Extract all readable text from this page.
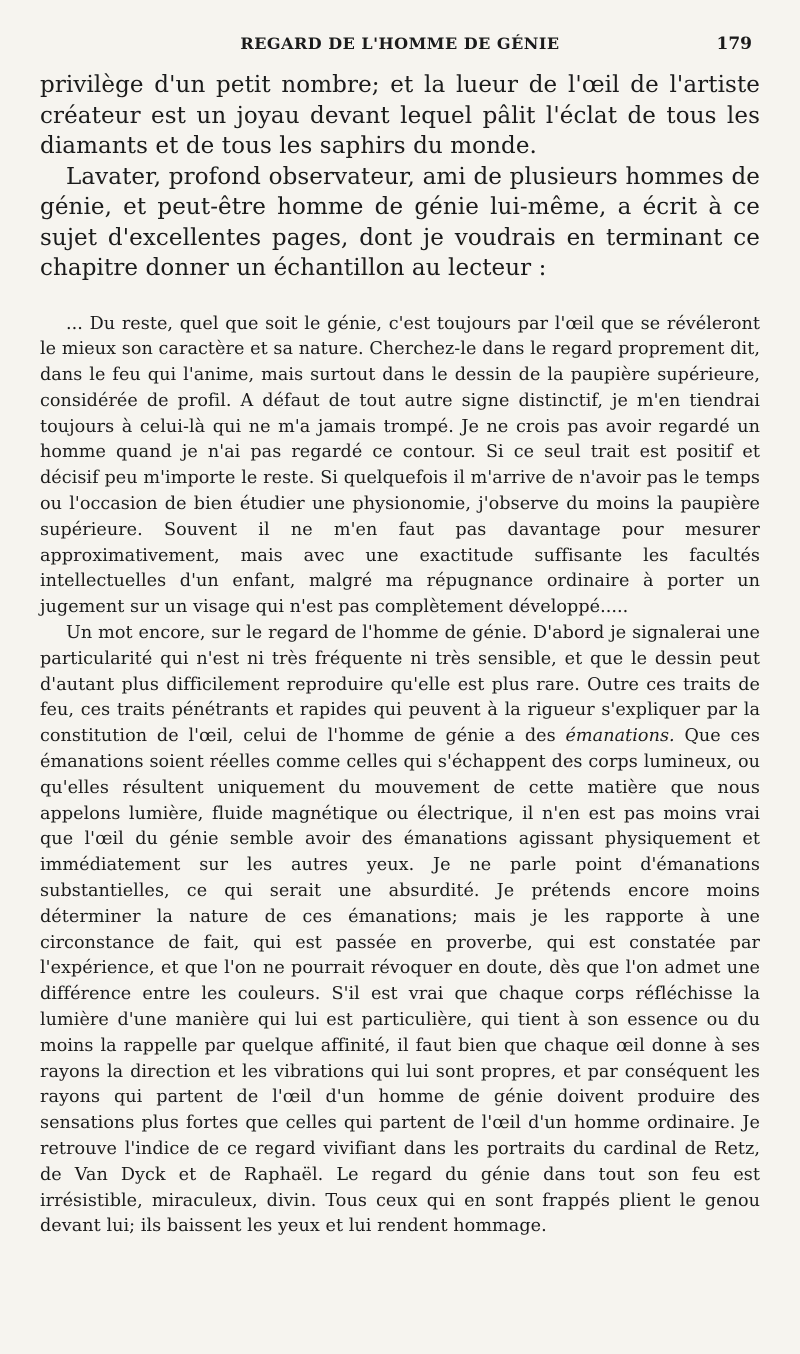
REGARD DE L'HOMME DE GÉNIE	179

privilège d'un petit nombre; et la lueur de l'œil de l'artiste créateur est un joyau devant lequel pâlit l'éclat de tous les diamants et de tous les saphirs du monde.

Lavater, profond observateur, ami de plusieurs hommes de génie, et peut-être homme de génie lui-même, a écrit à ce sujet d'excellentes pages, dont je voudrais en terminant ce chapitre donner un échantillon au lecteur :

... Du reste, quel que soit le génie, c'est toujours par l'œil que se révéleront le mieux son caractère et sa nature. Cherchez-le dans le regard proprement dit, dans le feu qui l'anime, mais surtout dans le dessin de la paupière supérieure, considérée de profil. A défaut de tout autre signe distinctif, je m'en tiendrai toujours à celui-là qui ne m'a jamais trompé. Je ne crois pas avoir regardé un homme quand je n'ai pas regardé ce contour. Si ce seul trait est positif et décisif peu m'importe le reste. Si quelquefois il m'arrive de n'avoir pas le temps ou l'occasion de bien étudier une physionomie, j'observe du moins la paupière supérieure. Souvent il ne m'en faut pas davantage pour mesurer approximativement, mais avec une exactitude suffisante les facultés intellectuelles d'un enfant, malgré ma répugnance ordinaire à porter un jugement sur un visage qui n'est pas complètement développé.....

Un mot encore, sur le regard de l'homme de génie. D'abord je signalerai une particularité qui n'est ni très fréquente ni très sensible, et que le dessin peut d'autant plus difficilement reproduire qu'elle est plus rare. Outre ces traits de feu, ces traits pénétrants et rapides qui peuvent à la rigueur s'expliquer par la constitution de l'œil, celui de l'homme de génie a des émanations. Que ces émanations soient réelles comme celles qui s'échappent des corps lumineux, ou qu'elles résultent uniquement du mouvement de cette matière que nous appelons lumière, fluide magnétique ou électrique, il n'en est pas moins vrai que l'œil du génie semble avoir des émanations agissant physiquement et immédiatement sur les autres yeux. Je ne parle point d'émanations substantielles, ce qui serait une absurdité. Je prétends encore moins déterminer la nature de ces émanations; mais je les rapporte à une circonstance de fait, qui est passée en proverbe, qui est constatée par l'expérience, et que l'on ne pourrait révoquer en doute, dès que l'on admet une différence entre les couleurs. S'il est vrai que chaque corps réfléchisse la lumière d'une manière qui lui est particulière, qui tient à son essence ou du moins la rappelle par quelque affinité, il faut bien que chaque œil donne à ses rayons la direction et les vibrations qui lui sont propres, et par conséquent les rayons qui partent de l'œil d'un homme de génie doivent produire des sensations plus fortes que celles qui partent de l'œil d'un homme ordinaire. Je retrouve l'indice de ce regard vivifiant dans les portraits du cardinal de Retz, de Van Dyck et de Raphaël. Le regard du génie dans tout son feu est irrésistible, miraculeux, divin. Tous ceux qui en sont frappés plient le genou devant lui; ils baissent les yeux et lui rendent hommage.
